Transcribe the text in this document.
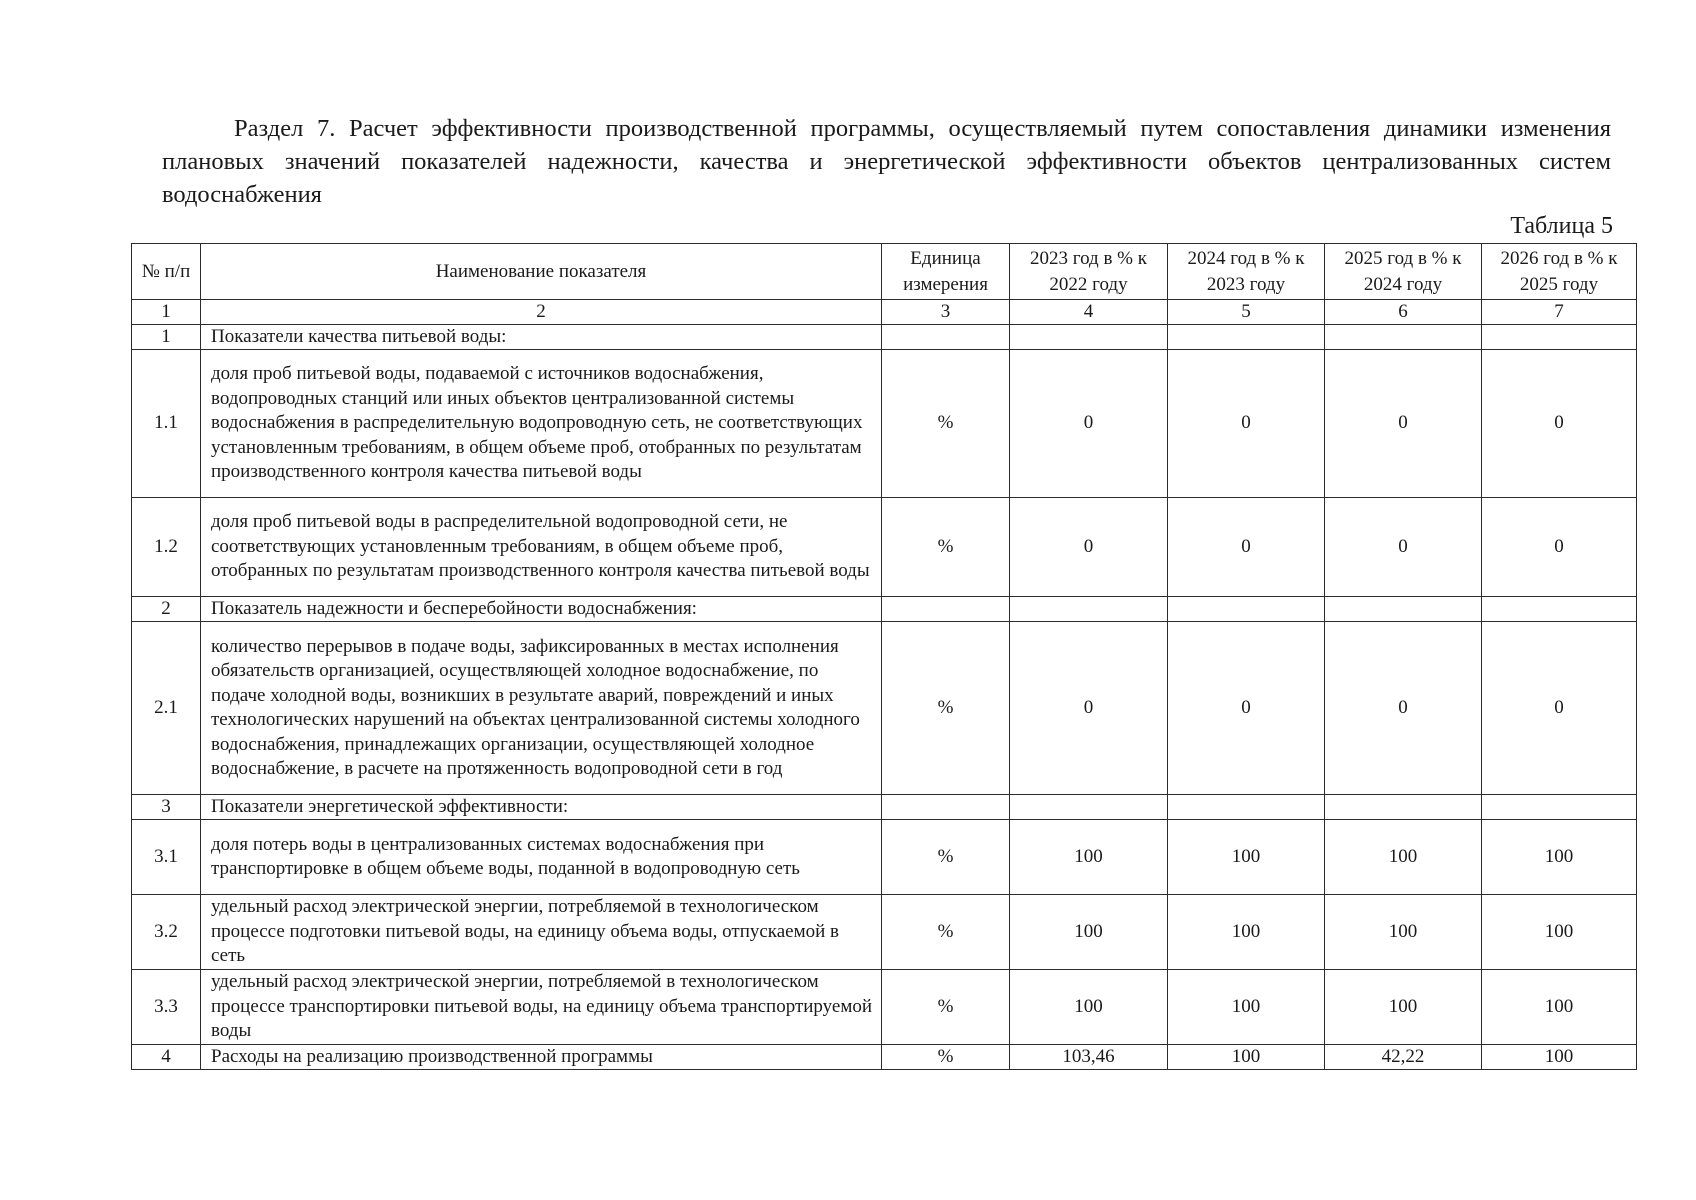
Раздел 7. Расчет эффективности производственной программы, осуществляемый путем сопоставления динамики изменения плановых значений показателей надежности, качества и энергетической эффективности объектов централизованных систем водоснабжения
Таблица 5
№ п/п	Наименование показателя	Единица измерения	2023 год в % к 2022 году	2024 год в % к 2023 году	2025 год в % к 2024 году	2026 год в % к 2025 году
1	2	3	4	5	6	7
1	Показатели качества питьевой воды:					
1.1	доля проб питьевой воды, подаваемой с источников водоснабжения, водопроводных станций или иных объектов централизованной системы водоснабжения в распределительную водопроводную сеть, не соответствующих установленным требованиям, в общем объеме проб, отобранных по результатам производственного контроля качества питьевой воды	%	0	0	0	0
1.2	доля проб питьевой воды в распределительной водопроводной сети, не соответствующих установленным требованиям, в общем объеме проб, отобранных по результатам производственного контроля качества питьевой воды	%	0	0	0	0
2	Показатель надежности и бесперебойности водоснабжения:					
2.1	количество перерывов в подаче воды, зафиксированных в местах исполнения обязательств организацией, осуществляющей холодное водоснабжение, по подаче холодной воды, возникших в результате аварий, повреждений и иных технологических нарушений на объектах централизованной системы холодного водоснабжения, принадлежащих организации, осуществляющей холодное водоснабжение, в расчете на протяженность водопроводной сети в год	%	0	0	0	0
3	Показатели энергетической эффективности:					
3.1	доля потерь воды в централизованных системах водоснабжения при транспортировке в общем объеме воды, поданной в водопроводную сеть	%	100	100	100	100
3.2	удельный расход электрической энергии, потребляемой в технологическом процессе подготовки питьевой воды, на единицу объема воды, отпускаемой в сеть	%	100	100	100	100
3.3	удельный расход электрической энергии, потребляемой в технологическом процессе транспортировки питьевой воды, на единицу объема транспортируемой воды	%	100	100	100	100
4	Расходы на реализацию производственной программы	%	103,46	100	42,22	100
